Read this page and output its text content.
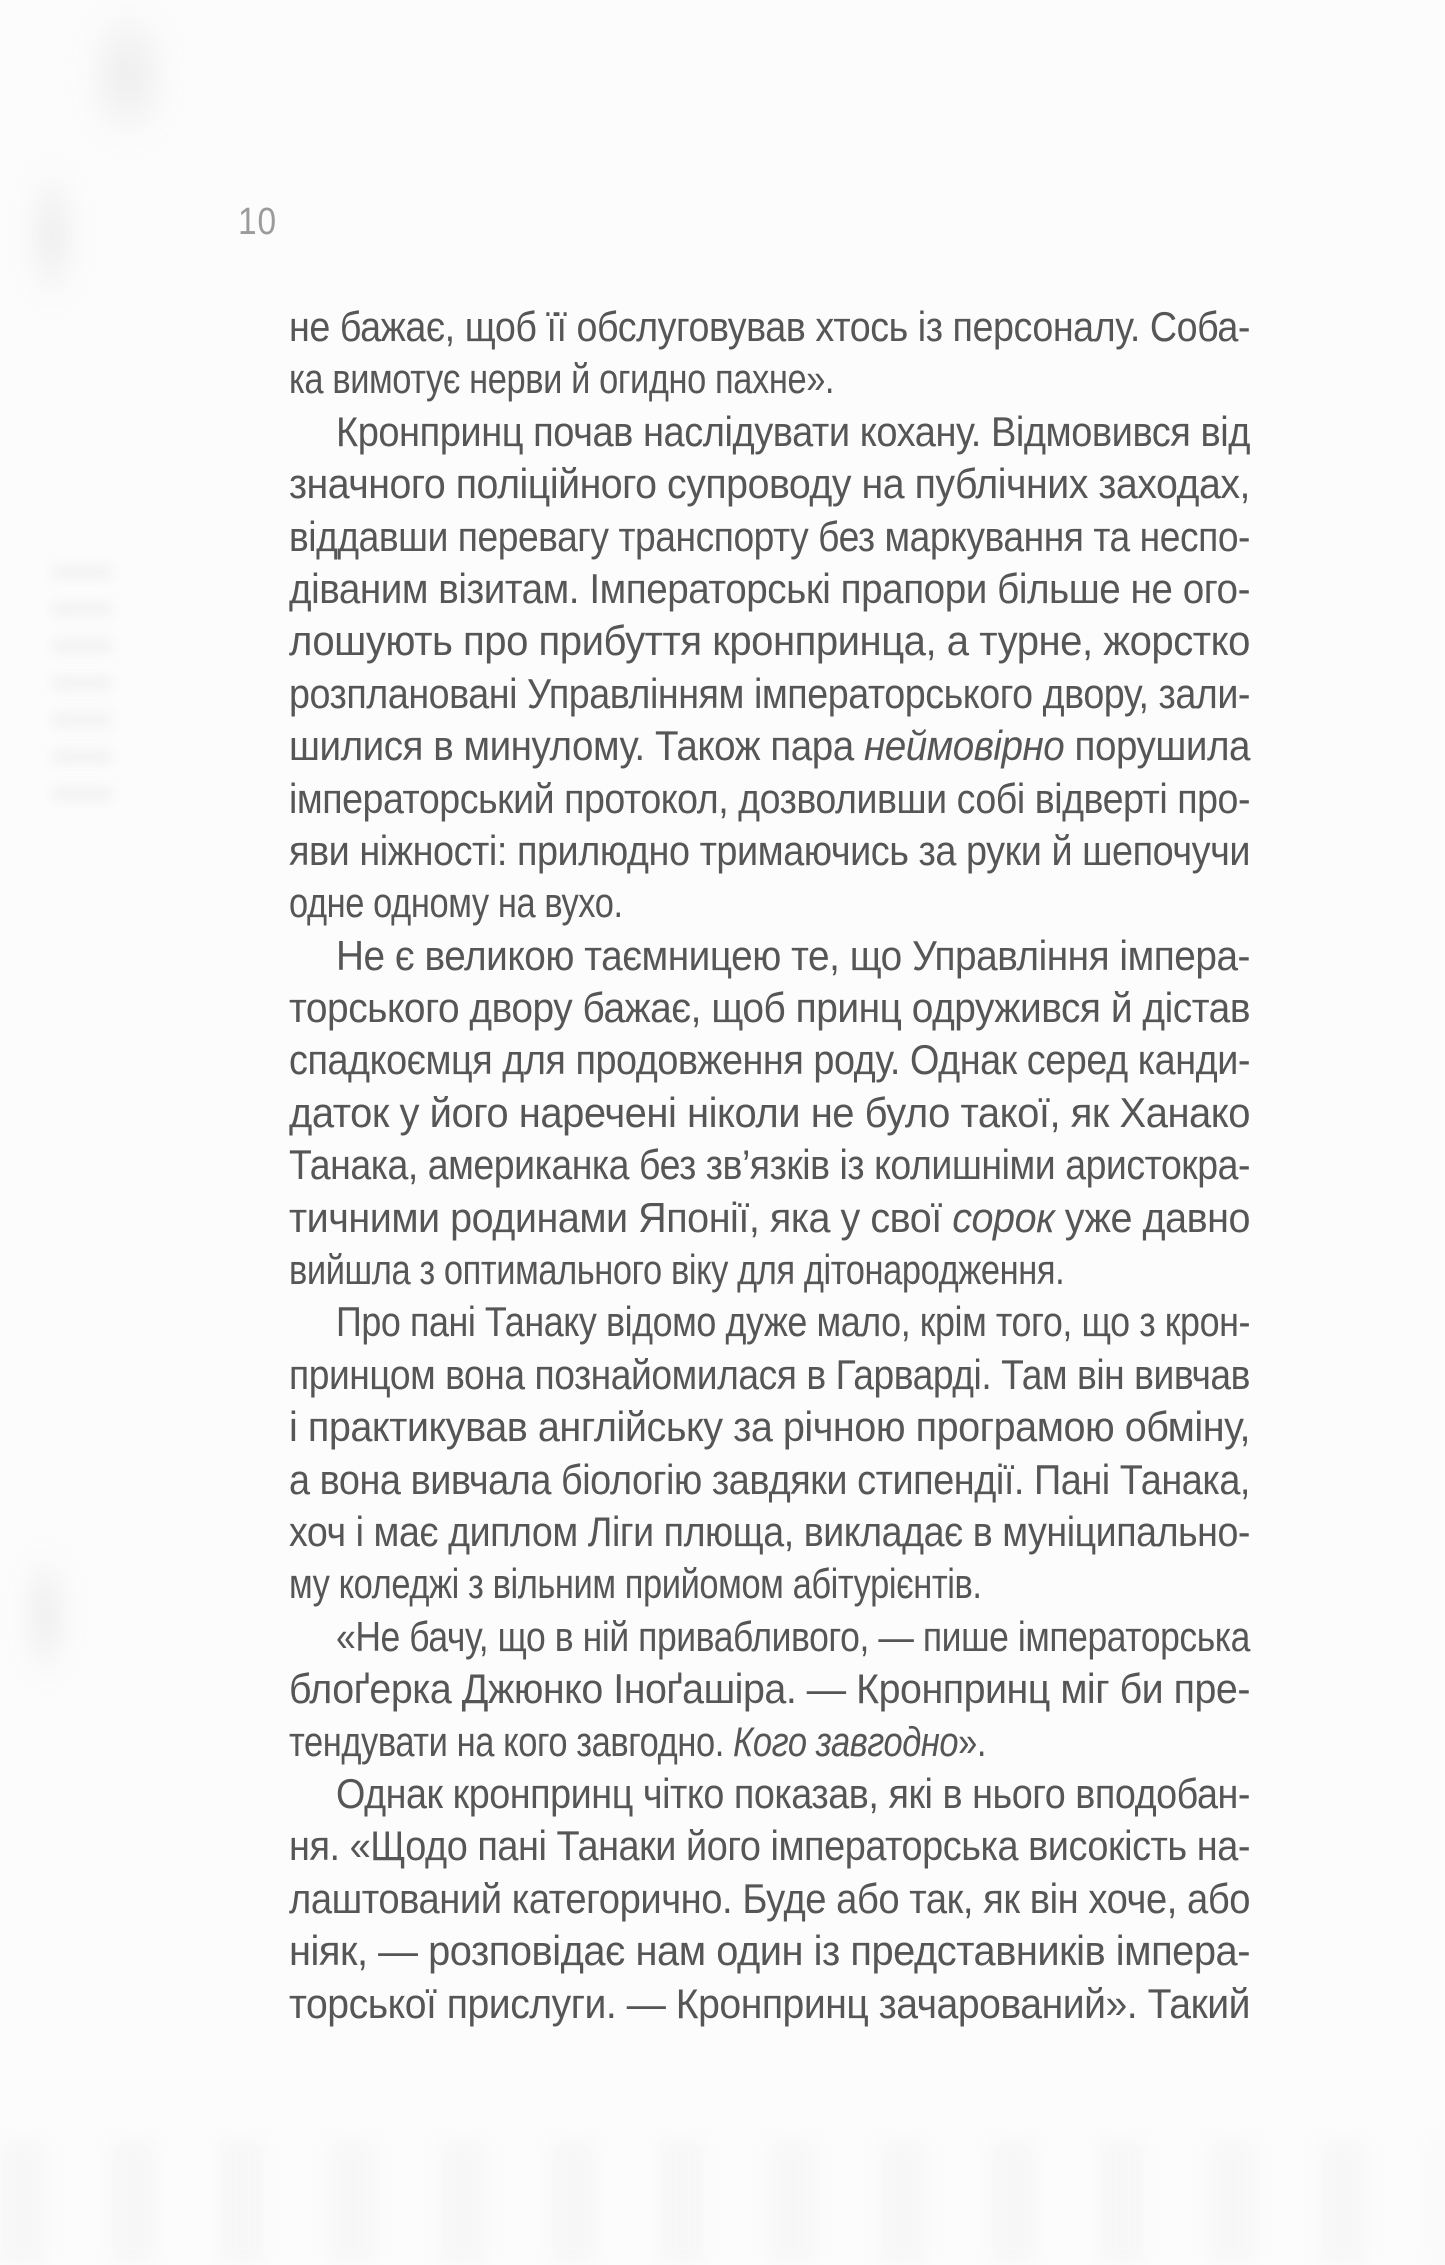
10
не бажає, щоб її обслуговував хтось із персоналу. Соба-
ка вимотує нерви й огидно пахне».
Кронпринц почав наслідувати кохану. Відмовився від
значного поліційного супроводу на публічних заходах,
віддавши перевагу транспорту без маркування та неспо-
діваним візитам. Імператорські прапори більше не ого-
лошують про прибуття кронпринца, а турне, жорстко
розплановані Управлінням імператорського двору, зали-
шилися в минулому. Також пара неймовірно порушила
імператорський протокол, дозволивши собі відверті про-
яви ніжності: прилюдно тримаючись за руки й шепочучи
одне одному на вухо.
Не є великою таємницею те, що Управління імпера-
торського двору бажає, щоб принц одружився й дістав
спадкоємця для продовження роду. Однак серед канди-
даток у його наречені ніколи не було такої, як Ханако
Танака, американка без зв’язків із колишніми аристокра-
тичними родинами Японії, яка у свої сорок уже давно
вийшла з оптимального віку для дітонародження.
Про пані Танаку відомо дуже мало, крім того, що з крон-
принцом вона познайомилася в Гарварді. Там він вивчав
і практикував англійську за річною програмою обміну,
а вона вивчала біологію завдяки стипендії. Пані Танака,
хоч і має диплом Ліги плюща, викладає в муніципально-
му коледжі з вільним прийомом абітурієнтів.
«Не бачу, що в ній привабливого, — пише імператорська
блоґерка Джюнко Іноґашіра. — Кронпринц міг би пре-
тендувати на кого завгодно. Кого завгодно».
Однак кронпринц чітко показав, які в нього вподобан-
ня. «Щодо пані Танаки його імператорська високість на-
лаштований категорично. Буде або так, як він хоче, або
ніяк, — розповідає нам один із представників імпера-
торської прислуги. — Кронпринц зачарований». Такий
